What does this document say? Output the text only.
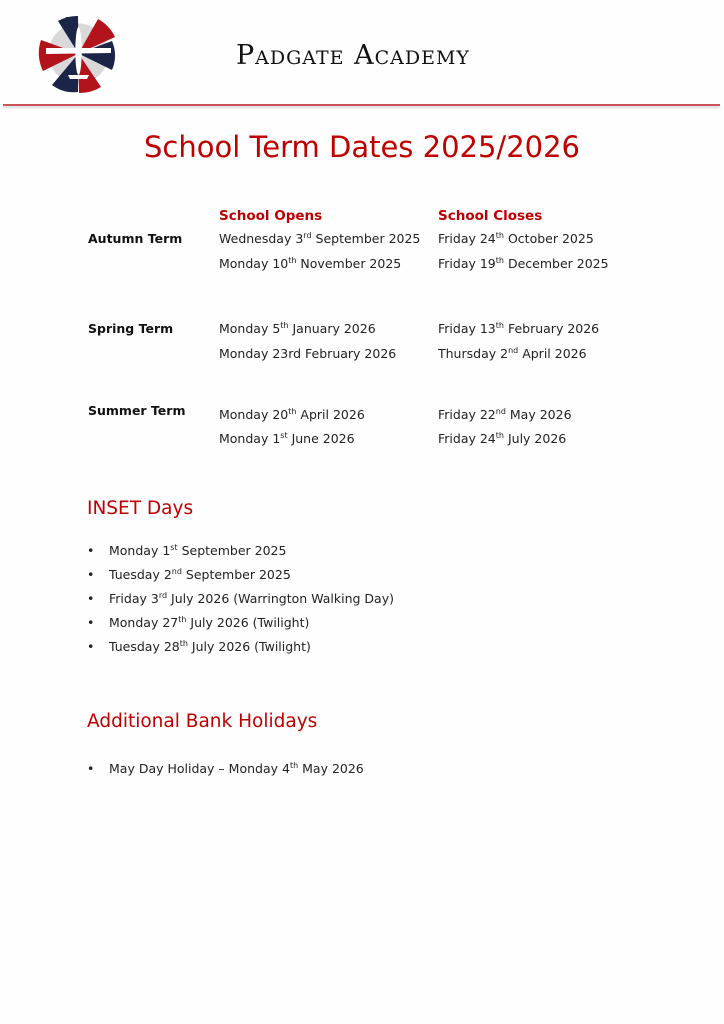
Padgate Academy
School Term Dates 2025/2026
School Opens	School Closes
Autumn Term	Wednesday 3rd September 2025 Friday 24th October 2025
Monday 10th November 2025	Friday 19th December 2025
Spring Term	Monday 5th January 2026	Friday 13th February 2026
Monday 23rd February 2026	Thursday 2nd April 2026
Summer Term	Monday 20th April 2026	Friday 22nd May 2026
Monday 1st June 2026	Friday 24th July 2026
INSET Days
• Monday 1st September 2025
• Tuesday 2nd September 2025
• Friday 3rd July 2026 (Warrington Walking Day)
• Monday 27th July 2026 (Twilight)
• Tuesday 28th July 2026 (Twilight)
Additional Bank Holidays
• May Day Holiday – Monday 4th May 2026
